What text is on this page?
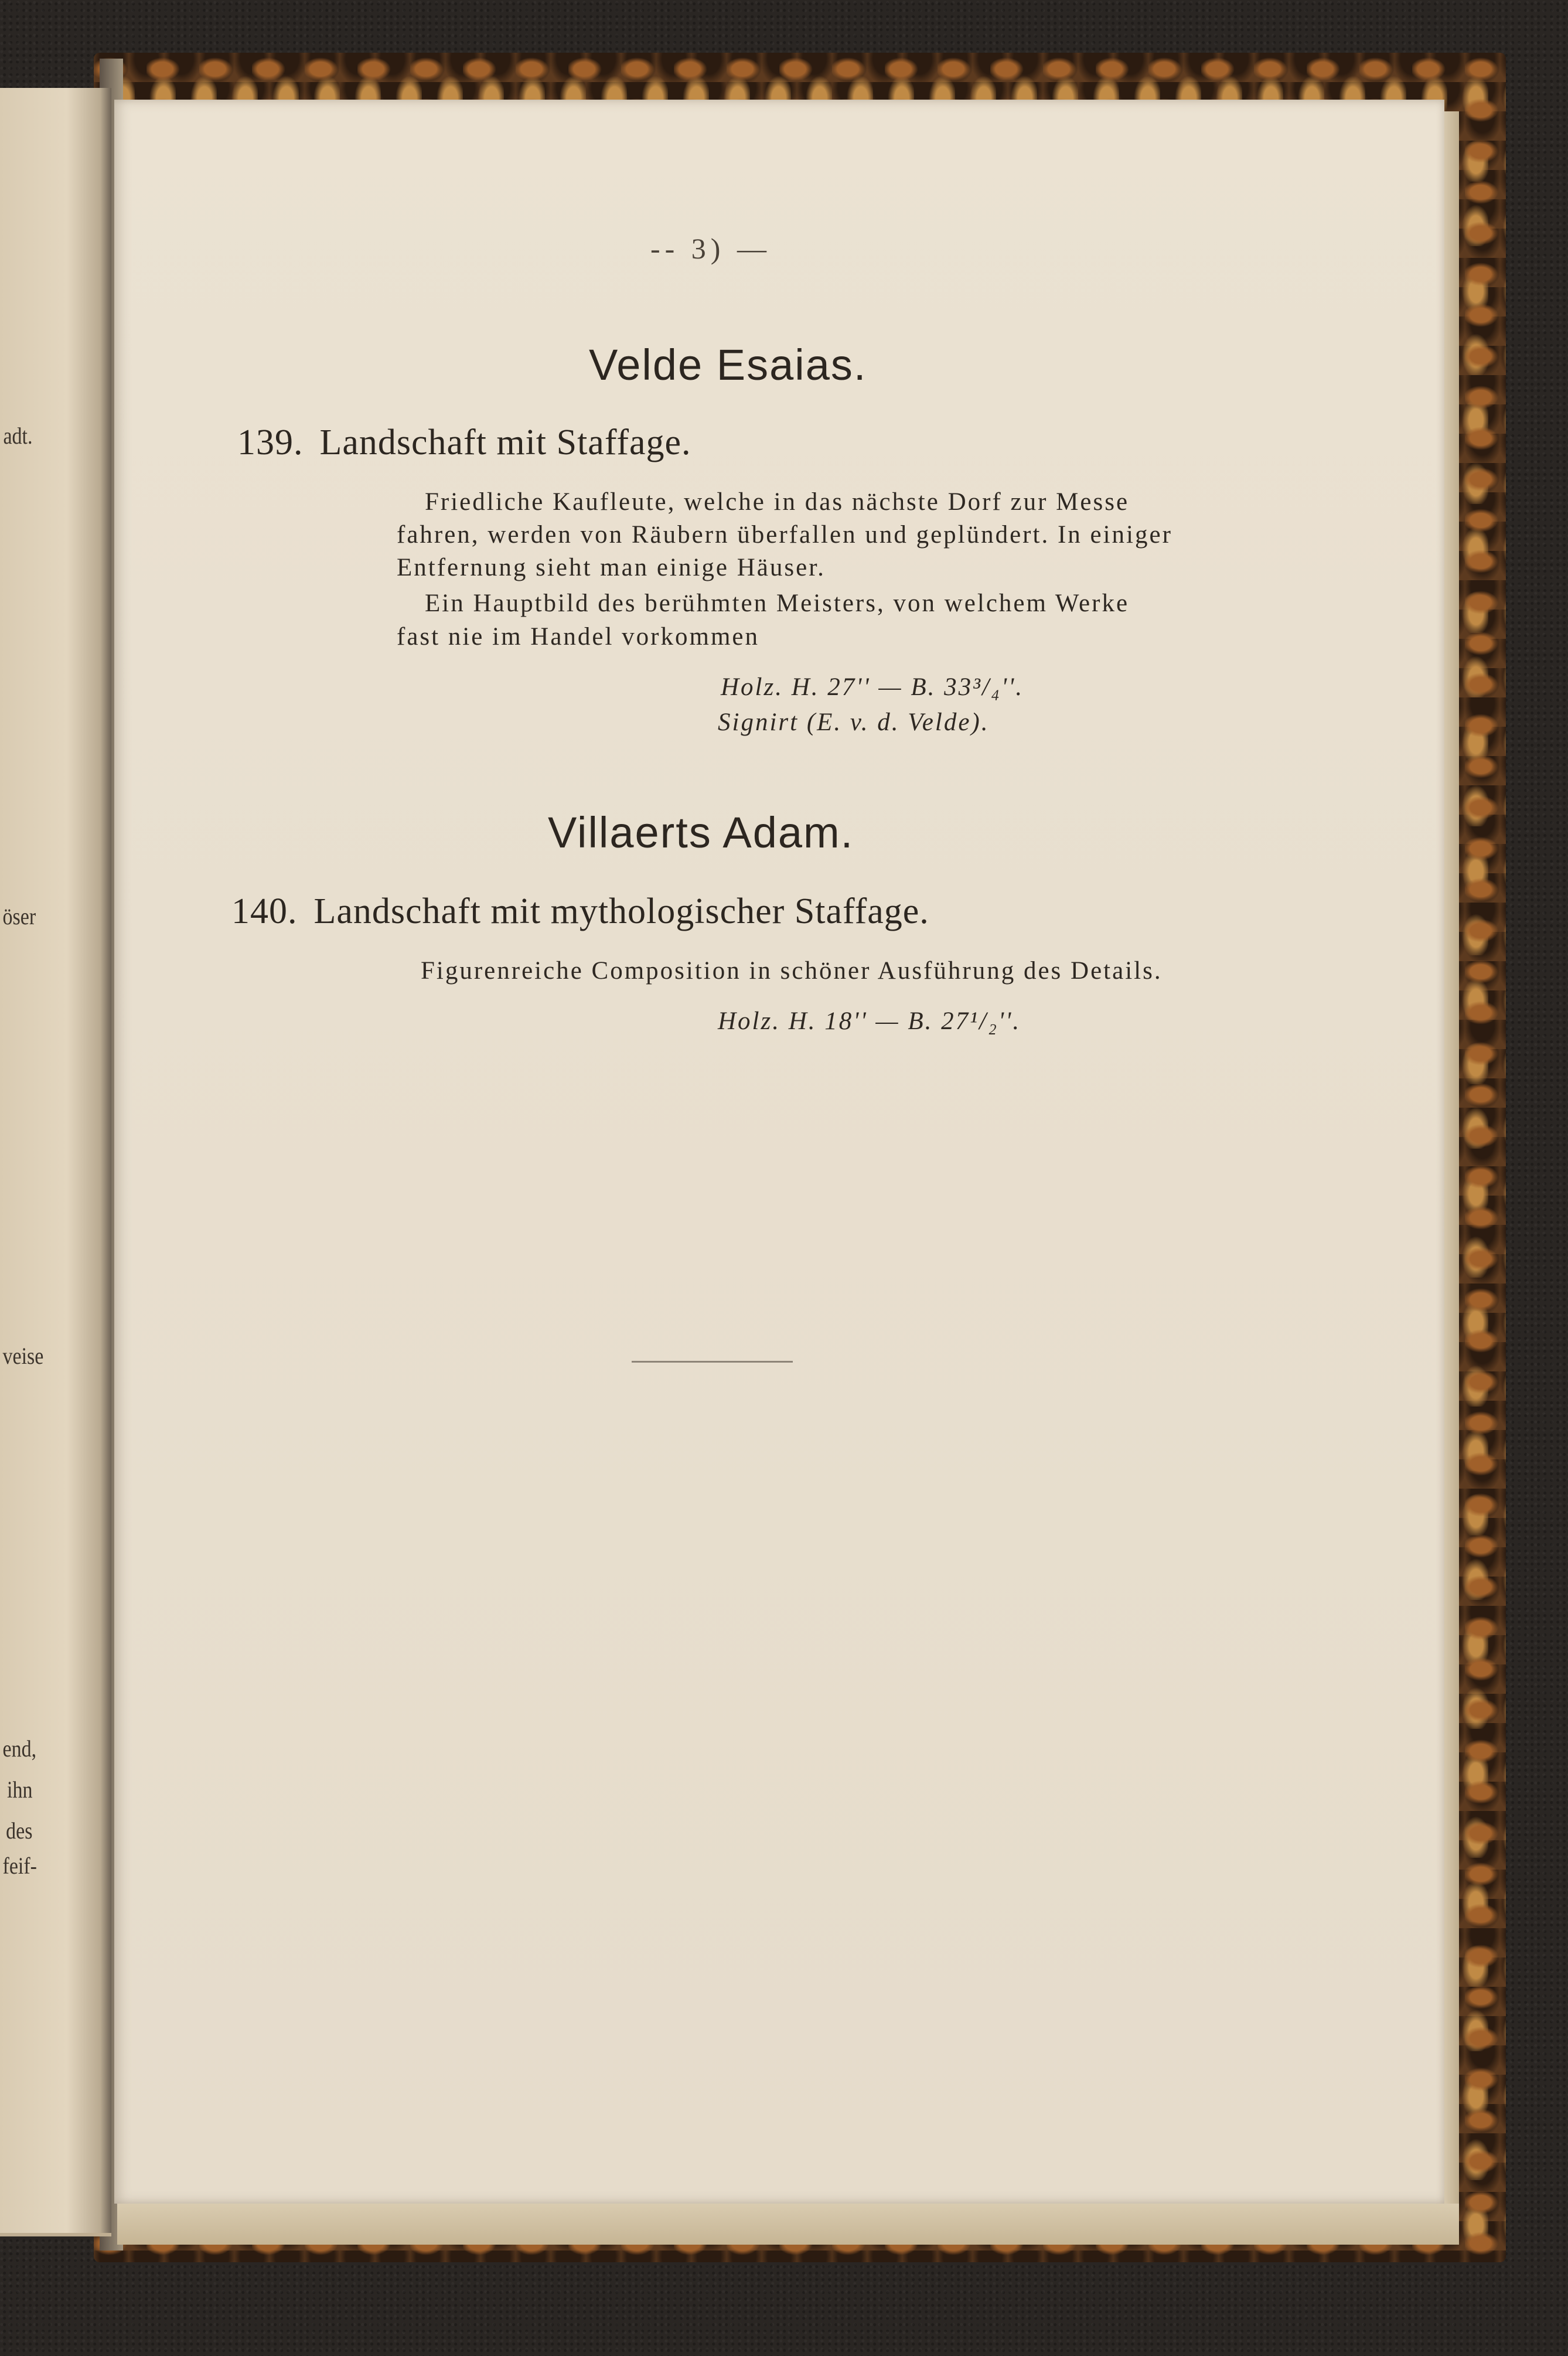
adt.
öser
veise
end,
ihn
des
feif-
-- 3) —
Velde Esaias.
139. Landschaft mit Staffage.
Friedliche Kaufleute, welche in das nächste Dorf zur Messe
fahren, werden von Räubern überfallen und geplündert. In einiger
Entfernung sieht man einige Häuser.
Ein Hauptbild des berühmten Meisters, von welchem Werke
fast nie im Handel vorkommen
Holz. H. 27'' — B. 33³/₄''.
Signirt (E. v. d. Velde).
Villaerts Adam.
140. Landschaft mit mythologischer Staffage.
Figurenreiche Composition in schöner Ausführung des Details.
Holz. H. 18'' — B. 27¹/₂''.
